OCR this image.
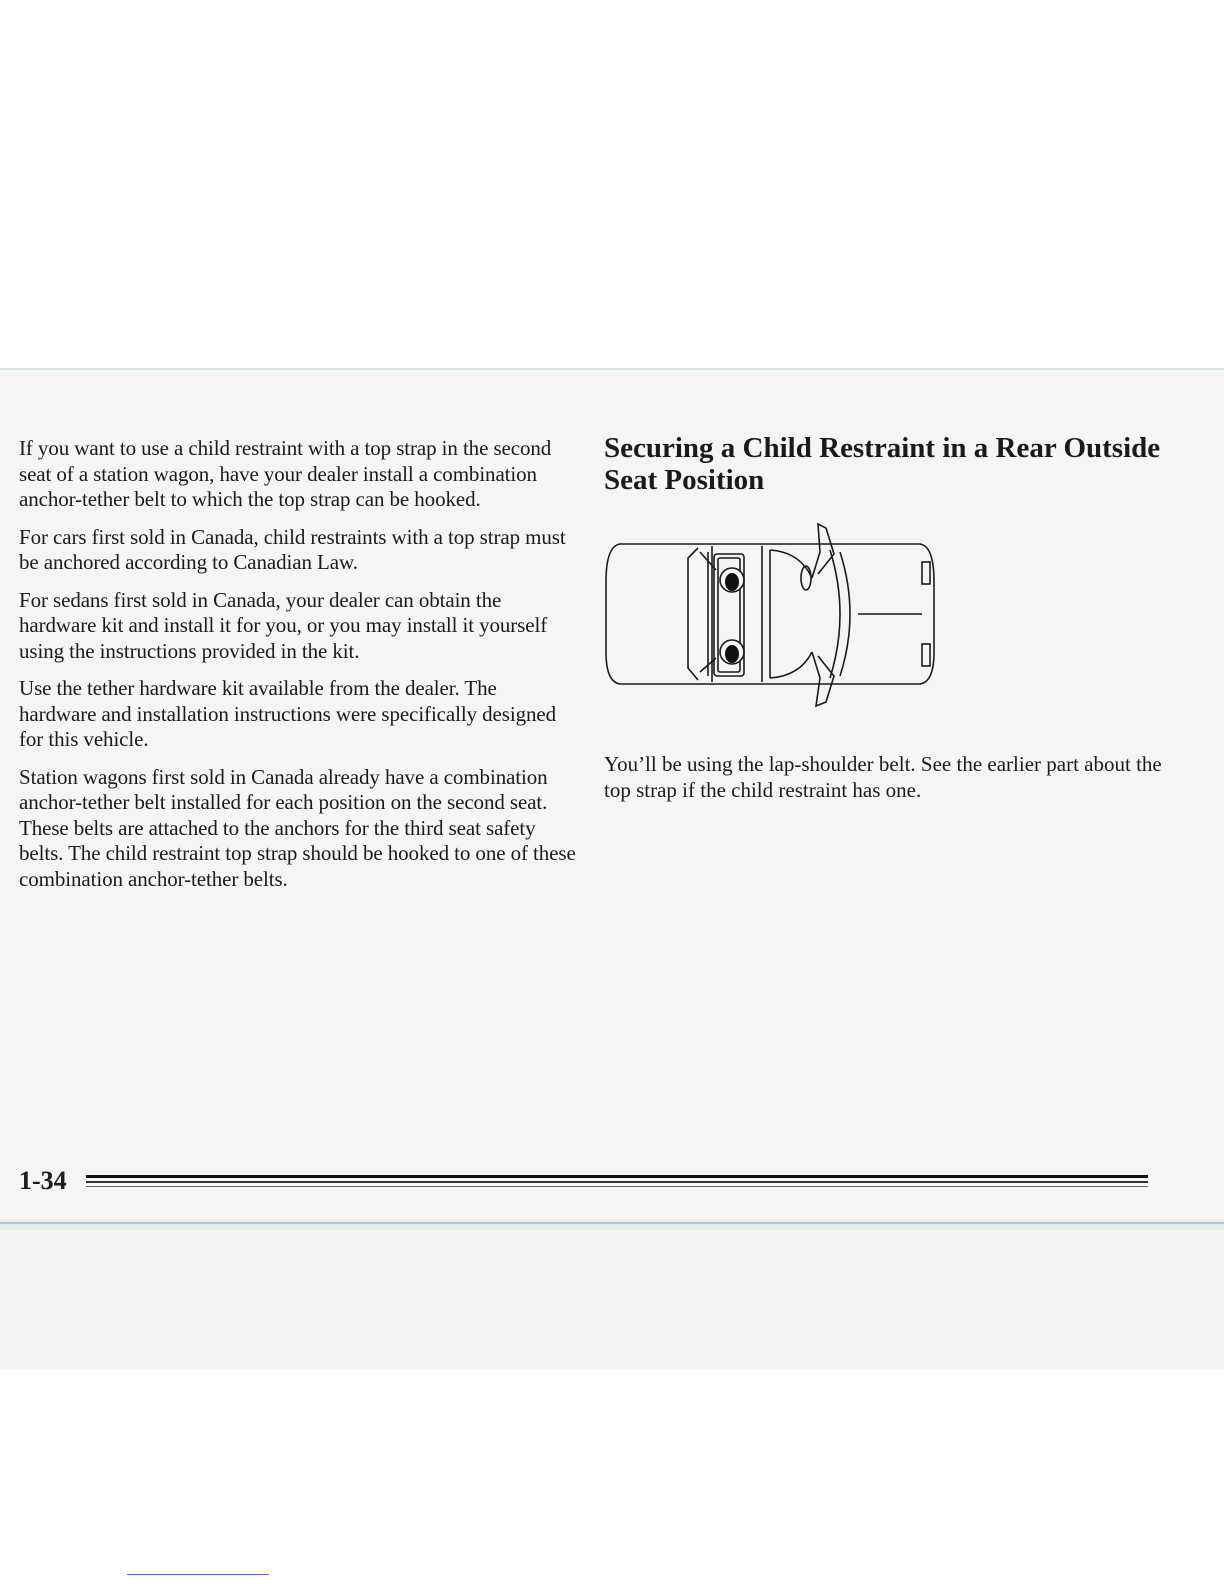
If you want to use a child restraint with a top strap in the second seat of a station wagon, have your dealer install a combination anchor-tether belt to which the top strap can be hooked.

For cars first sold in Canada, child restraints with a top strap must be anchored according to Canadian Law.

For sedans first sold in Canada, your dealer can obtain the hardware kit and install it for you, or you may install it yourself using the instructions provided in the kit.

Use the tether hardware kit available from the dealer. The hardware and installation instructions were specifically designed for this vehicle.

Station wagons first sold in Canada already have a combination anchor-tether belt installed for each position on the second seat. These belts are attached to the anchors for the third seat safety belts. The child restraint top strap should be hooked to one of these combination anchor-tether belts.

Securing a Child Restraint in a Rear Outside Seat Position

You’ll be using the lap-shoulder belt. See the earlier part about the top strap if the child restraint has one.

1-34
